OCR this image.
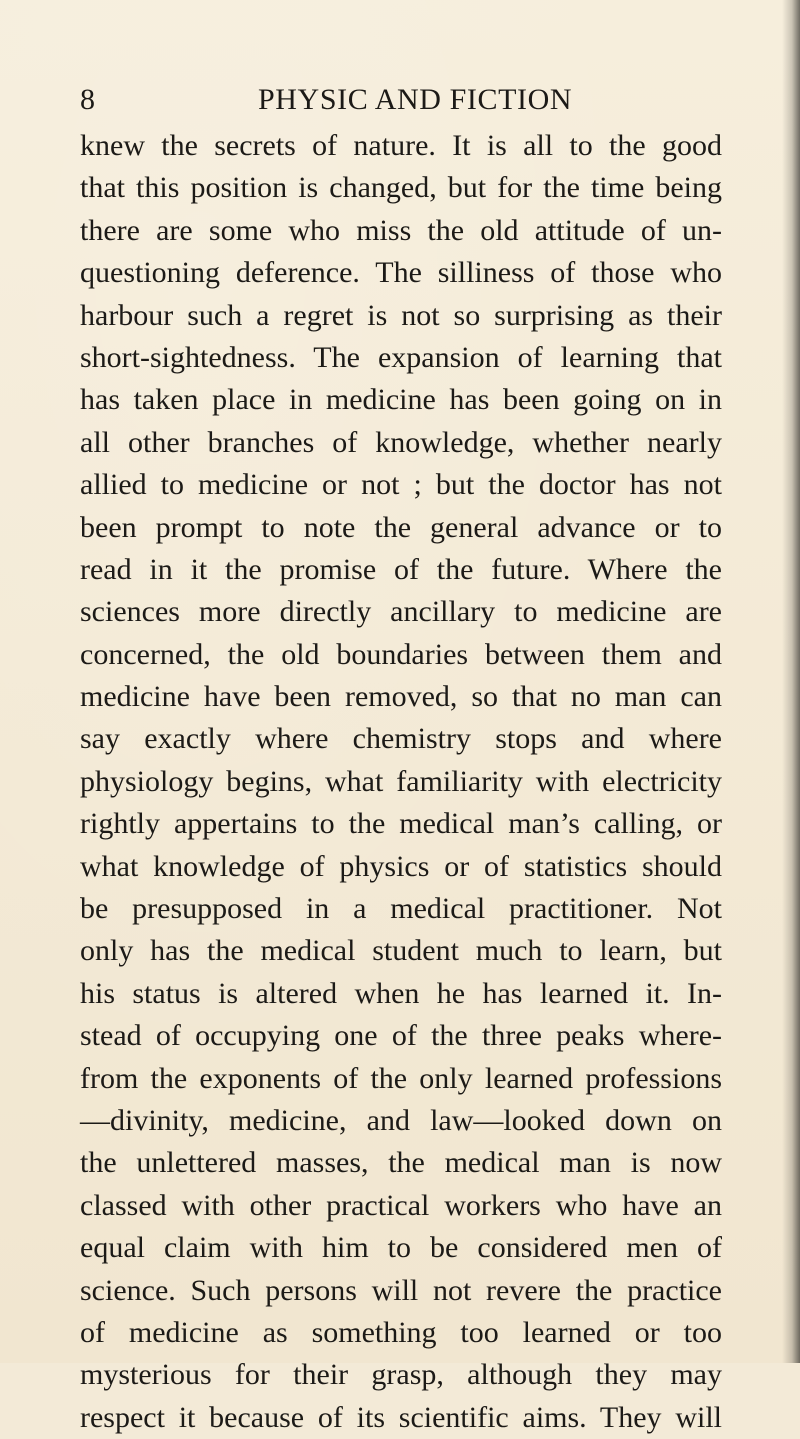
8	PHYSIC AND FICTION
knew the secrets of nature. It is all to the good
that this position is changed, but for the time being
there are some who miss the old attitude of un-
questioning deference. The silliness of those who
harbour such a regret is not so surprising as their
short-sightedness. The expansion of learning that
has taken place in medicine has been going on in
all other branches of knowledge, whether nearly
allied to medicine or not ; but the doctor has not
been prompt to note the general advance or to
read in it the promise of the future. Where the
sciences more directly ancillary to medicine are
concerned, the old boundaries between them and
medicine have been removed, so that no man can
say exactly where chemistry stops and where
physiology begins, what familiarity with electricity
rightly appertains to the medical man’s calling, or
what knowledge of physics or of statistics should
be presupposed in a medical practitioner. Not
only has the medical student much to learn, but
his status is altered when he has learned it. In-
stead of occupying one of the three peaks where-
from the exponents of the only learned professions
—divinity, medicine, and law—looked down on
the unlettered masses, the medical man is now
classed with other practical workers who have an
equal claim with him to be considered men of
science. Such persons will not revere the practice
of medicine as something too learned or too
mysterious for their grasp, although they may
respect it because of its scientific aims. They will
